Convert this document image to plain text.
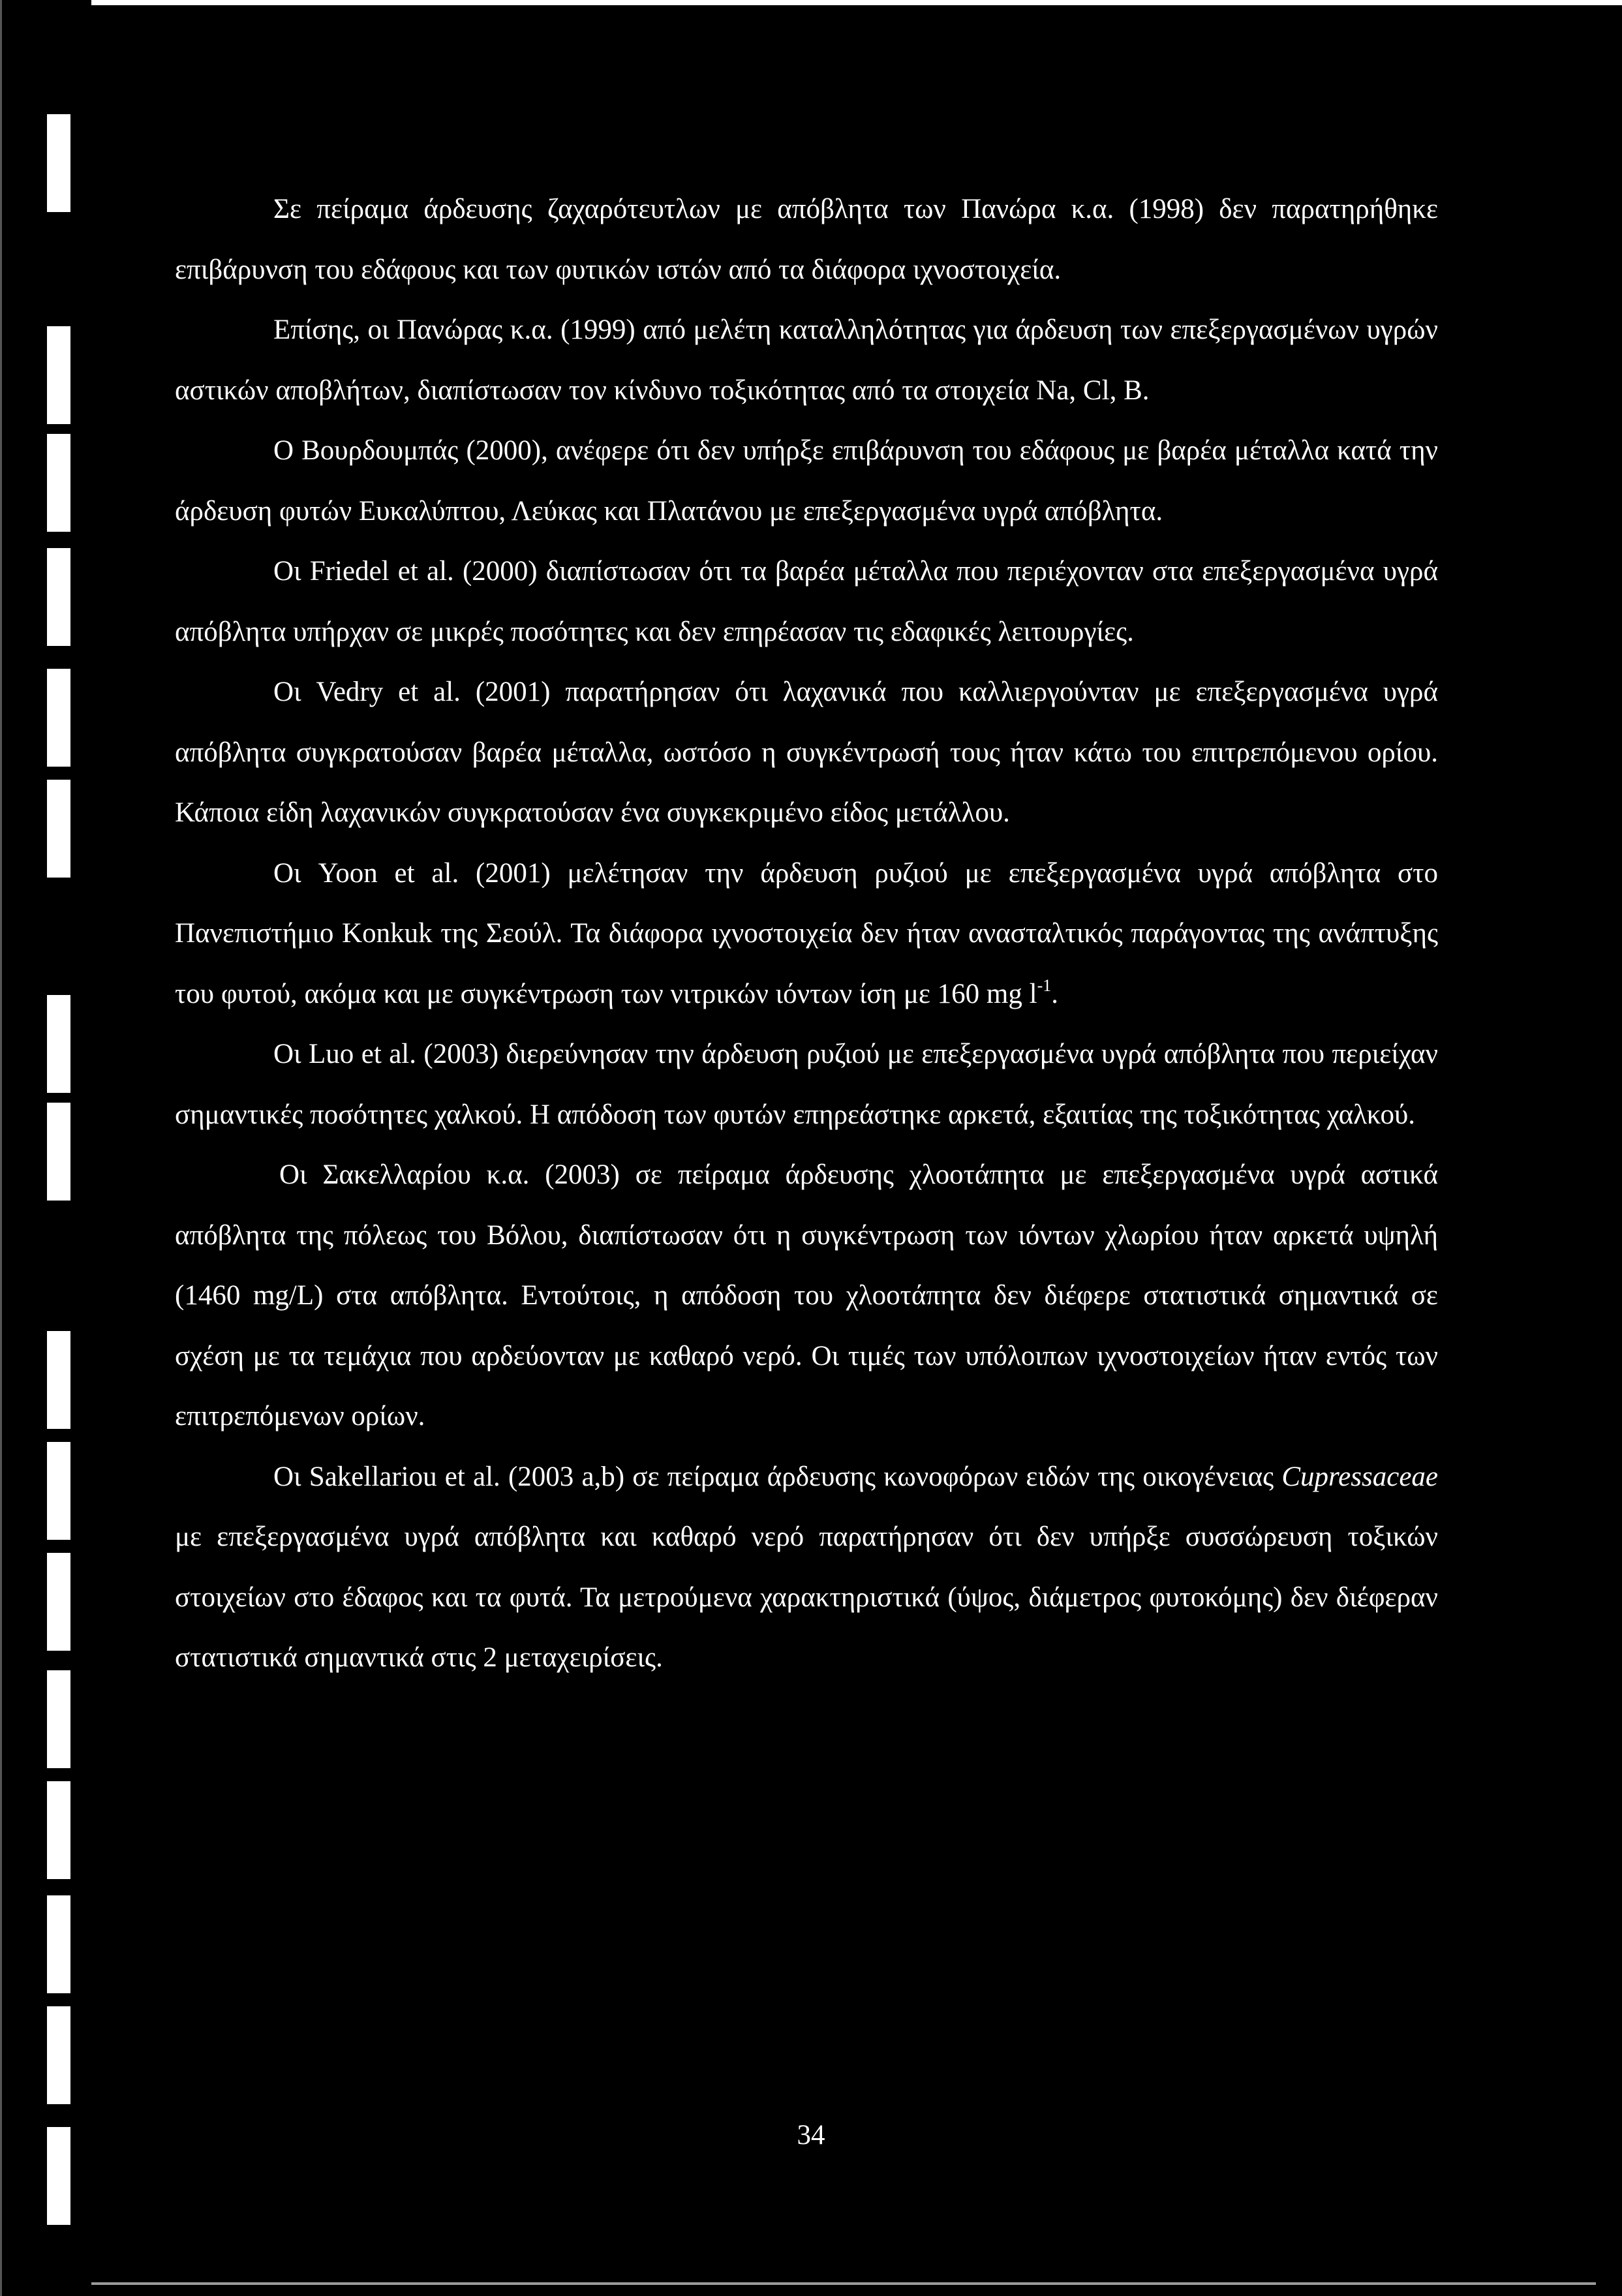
Σε πείραμα άρδευσης ζαχαρότευτλων με απόβλητα των Πανώρα κ.α. (1998) δεν παρατηρήθηκε επιβάρυνση του εδάφους και των φυτικών ιστών από τα διάφορα ιχνοστοιχεία.

Επίσης, οι Πανώρας κ.α. (1999) από μελέτη καταλληλότητας για άρδευση των επεξεργασμένων υγρών αστικών αποβλήτων, διαπίστωσαν τον κίνδυνο τοξικότητας από τα στοιχεία Na, Cl, B.

Ο Βουρδουμπάς (2000), ανέφερε ότι δεν υπήρξε επιβάρυνση του εδάφους με βαρέα μέταλλα κατά την άρδευση φυτών Ευκαλύπτου, Λεύκας και Πλατάνου με επεξεργασμένα υγρά απόβλητα.

Οι Friedel et al. (2000) διαπίστωσαν ότι τα βαρέα μέταλλα που περιέχονταν στα επεξεργασμένα υγρά απόβλητα υπήρχαν σε μικρές ποσότητες και δεν επηρέασαν τις εδαφικές λειτουργίες.

Οι Vedry et al. (2001) παρατήρησαν ότι λαχανικά που καλλιεργούνταν με επεξεργασμένα υγρά απόβλητα συγκρατούσαν βαρέα μέταλλα, ωστόσο η συγκέντρωσή τους ήταν κάτω του επιτρεπόμενου ορίου. Κάποια είδη λαχανικών συγκρατούσαν ένα συγκεκριμένο είδος μετάλλου.

Οι Yoon et al. (2001) μελέτησαν την άρδευση ρυζιού με επεξεργασμένα υγρά απόβλητα στο Πανεπιστήμιο Konkuk της Σεούλ. Τα διάφορα ιχνοστοιχεία δεν ήταν ανασταλτικός παράγοντας της ανάπτυξης του φυτού, ακόμα και με συγκέντρωση των νιτρικών ιόντων ίση με 160 mg $l^{-1}$.

Οι Luo et al. (2003) διερεύνησαν την άρδευση ρυζιού με επεξεργασμένα υγρά απόβλητα που περιείχαν σημαντικές ποσότητες χαλκού. Η απόδοση των φυτών επηρεάστηκε αρκετά, εξαιτίας της τοξικότητας χαλκού.

Οι Σακελλαρίου κ.α. (2003) σε πείραμα άρδευσης χλοοτάπητα με επεξεργασμένα υγρά αστικά απόβλητα της πόλεως του Βόλου, διαπίστωσαν ότι η συγκέντρωση των ιόντων χλωρίου ήταν αρκετά υψηλή (1460 mg/L) στα απόβλητα. Εντούτοις, η απόδοση του χλοοτάπητα δεν διέφερε στατιστικά σημαντικά σε σχέση με τα τεμάχια που αρδεύονταν με καθαρό νερό. Οι τιμές των υπόλοιπων ιχνοστοιχείων ήταν εντός των επιτρεπόμενων ορίων.

Οι Sakellariou et al. (2003 a,b) σε πείραμα άρδευσης κωνοφόρων ειδών της οικογένειας Cupressaceae με επεξεργασμένα υγρά απόβλητα και καθαρό νερό παρατήρησαν ότι δεν υπήρξε συσσώρευση τοξικών στοιχείων στο έδαφος και τα φυτά. Τα μετρούμενα χαρακτηριστικά (ύψος, διάμετρος φυτοκόμης) δεν διέφεραν στατιστικά σημαντικά στις 2 μεταχειρίσεις.

34
